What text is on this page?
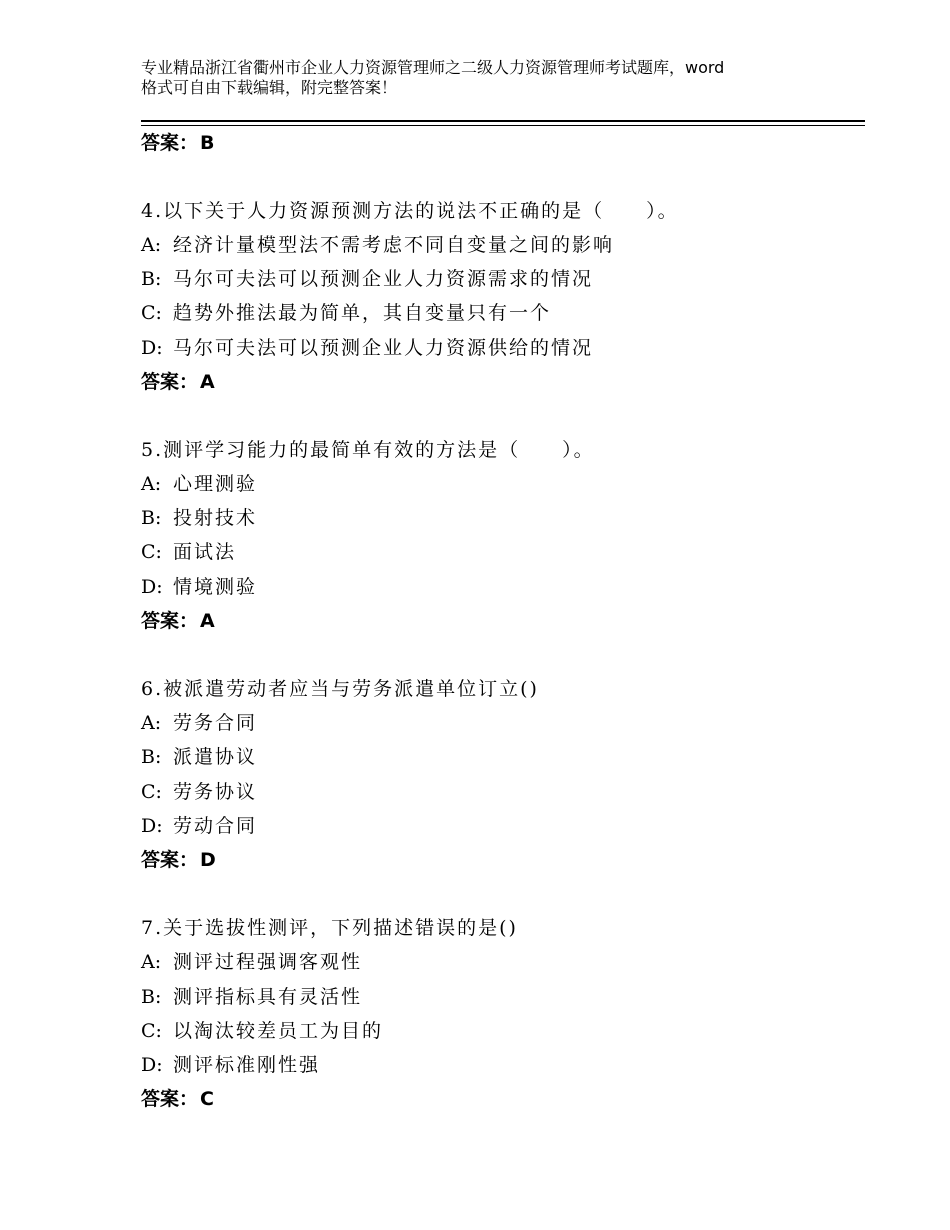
专业精品浙江省衢州市企业人力资源管理师之二级人力资源管理师考试题库，word
格式可自由下载编辑，附完整答案！
答案： B
4.以下关于人力资源预测方法的说法不正确的是（　　）。
A: 经济计量模型法不需考虑不同自变量之间的影响
B: 马尔可夫法可以预测企业人力资源需求的情况
C: 趋势外推法最为简单，其自变量只有一个
D: 马尔可夫法可以预测企业人力资源供给的情况
答案： A
5.测评学习能力的最简单有效的方法是（　　）。
A: 心理测验
B: 投射技术
C: 面试法
D: 情境测验
答案： A
6.被派遣劳动者应当与劳务派遣单位订立()
A: 劳务合同
B: 派遣协议
C: 劳务协议
D: 劳动合同
答案： D
7.关于选拔性测评，下列描述错误的是()
A: 测评过程强调客观性
B: 测评指标具有灵活性
C: 以淘汰较差员工为目的
D: 测评标准刚性强
答案： C
